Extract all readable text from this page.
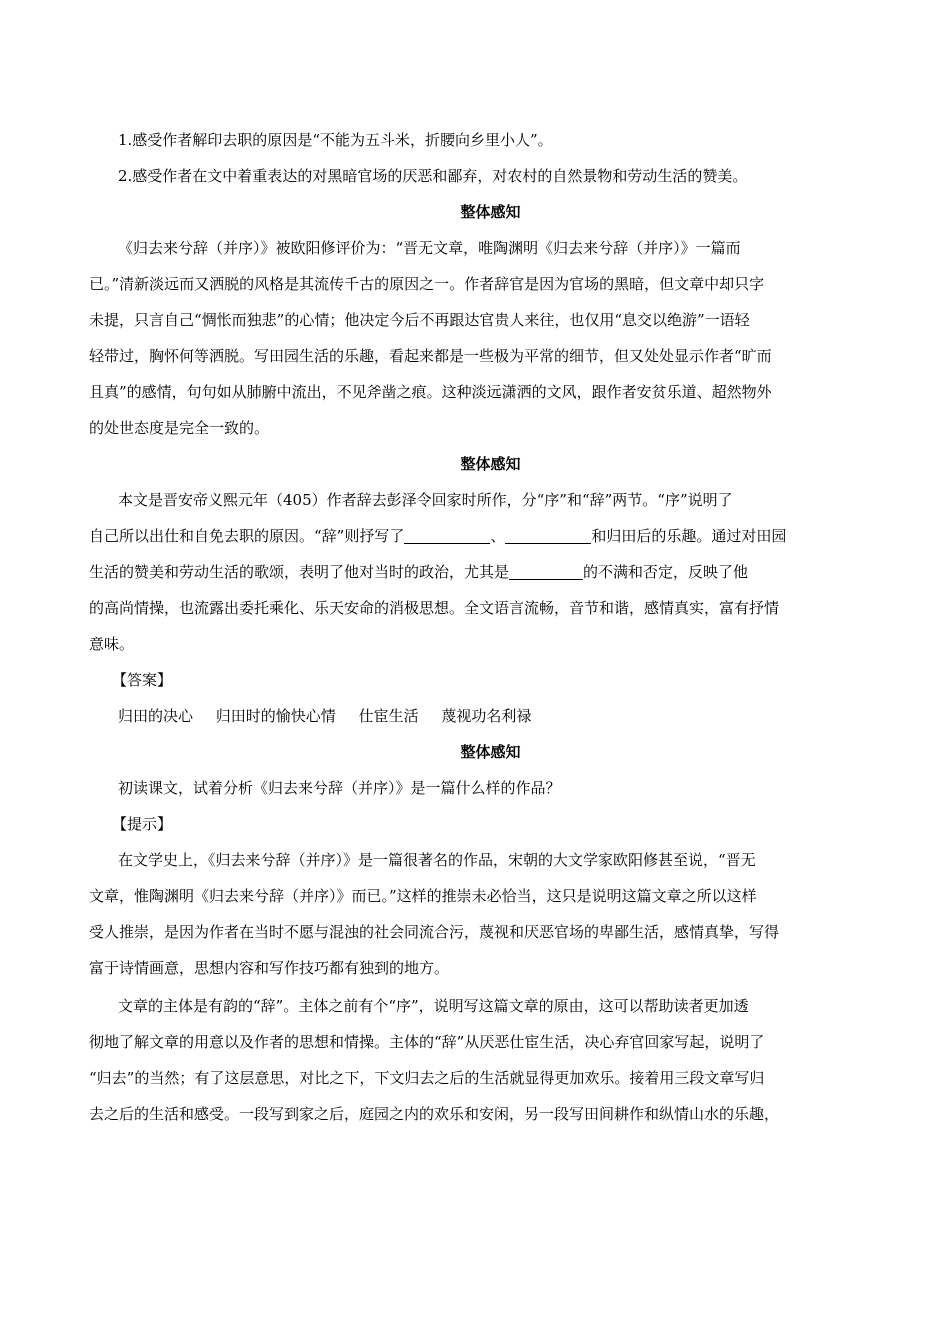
1.感受作者解印去职的原因是“不能为五斗米，折腰向乡里小人”。

2.感受作者在文中着重表达的对黑暗官场的厌恶和鄙弃，对农村的自然景物和劳动生活的赞美。

整体感知

《归去来兮辞（并序）》被欧阳修评价为：“晋无文章，唯陶渊明《归去来兮辞（并序）》一篇而

已。”清新淡远而又洒脱的风格是其流传千古的原因之一。作者辞官是因为官场的黑暗，但文章中却只字

未提，只言自己“惆怅而独悲”的心情；他决定今后不再跟达官贵人来往，也仅用“息交以绝游”一语轻

轻带过，胸怀何等洒脱。写田园生活的乐趣，看起来都是一些极为平常的细节，但又处处显示作者“旷而

且真”的感情，句句如从肺腑中流出，不见斧凿之痕。这种淡远潇洒的文风，跟作者安贫乐道、超然物外

的处世态度是完全一致的。

整体感知

本文是晋安帝义熙元年（405）作者辞去彭泽令回家时所作，分“序”和“辞”两节。“序”说明了

自己所以出仕和自免去职的原因。“辞”则抒写了	、	和归田后的乐趣。通过对田园

生活的赞美和劳动生活的歌颂，表明了他对当时的政治，尤其是	的不满和否定，反映了他

的高尚情操，也流露出委托乘化、乐天安命的消极思想。全文语言流畅，音节和谐，感情真实，富有抒情

意味。

【答案】

归田的决心 归田时的愉快心情 仕宦生活 蔑视功名利禄

整体感知

初读课文，试着分析《归去来兮辞（并序）》是一篇什么样的作品？

【提示】

在文学史上，《归去来兮辞（并序）》是一篇很著名的作品，宋朝的大文学家欧阳修甚至说，“晋无

文章，惟陶渊明《归去来兮辞（并序）》而已。”这样的推崇未必恰当，这只是说明这篇文章之所以这样

受人推崇，是因为作者在当时不愿与混浊的社会同流合污，蔑视和厌恶官场的卑鄙生活，感情真挚，写得

富于诗情画意，思想内容和写作技巧都有独到的地方。

文章的主体是有韵的“辞”。主体之前有个“序”，说明写这篇文章的原由，这可以帮助读者更加透

彻地了解文章的用意以及作者的思想和情操。主体的“辞”从厌恶仕宦生活，决心弃官回家写起，说明了

“归去”的当然；有了这层意思，对比之下，下文归去之后的生活就显得更加欢乐。接着用三段文章写归

去之后的生活和感受。一段写到家之后，庭园之内的欢乐和安闲，另一段写田间耕作和纵情山水的乐趣，
